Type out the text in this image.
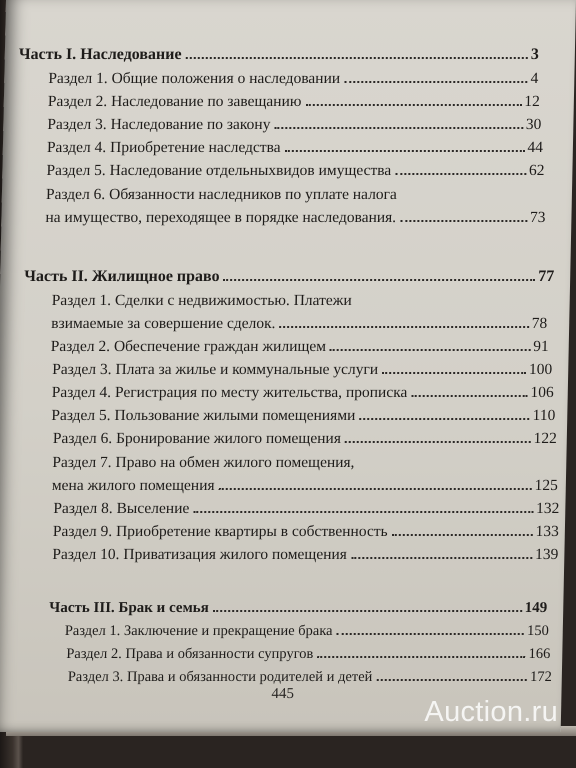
Часть I. Наследование	3
Раздел 1. Общие положения о наследовании	4
Раздел 2. Наследование по завещанию	12
Раздел 3. Наследование по закону	30
Раздел 4. Приобретение наследства	44
Раздел 5. Наследование отдельныхвидов имущества	62
Раздел 6. Обязанности наследников по уплате налога
на имущество, переходящее в порядке наследования.	73
Часть II. Жилищное право	77
Раздел 1. Сделки с недвижимостью. Платежи
взимаемые за совершение сделок.	78
Раздел 2. Обеспечение граждан жилищем	91
Раздел 3. Плата за жилье и коммунальные услуги	100
Раздел 4. Регистрация по месту жительства, прописка	106
Раздел 5. Пользование жилыми помещениями	110
Раздел 6. Бронирование жилого помещения	122
Раздел 7. Право на обмен жилого помещения,
мена жилого помещения	125
Раздел 8. Выселение	132
Раздел 9. Приобретение квартиры в собственность	133
Раздел 10. Приватизация жилого помещения	139
Часть III. Брак и семья	149
Раздел 1. Заключение и прекращение брака	150
Раздел 2. Права и обязанности супругов	166
Раздел 3. Права и обязанности родителей и детей	172
445
Auction.ru
